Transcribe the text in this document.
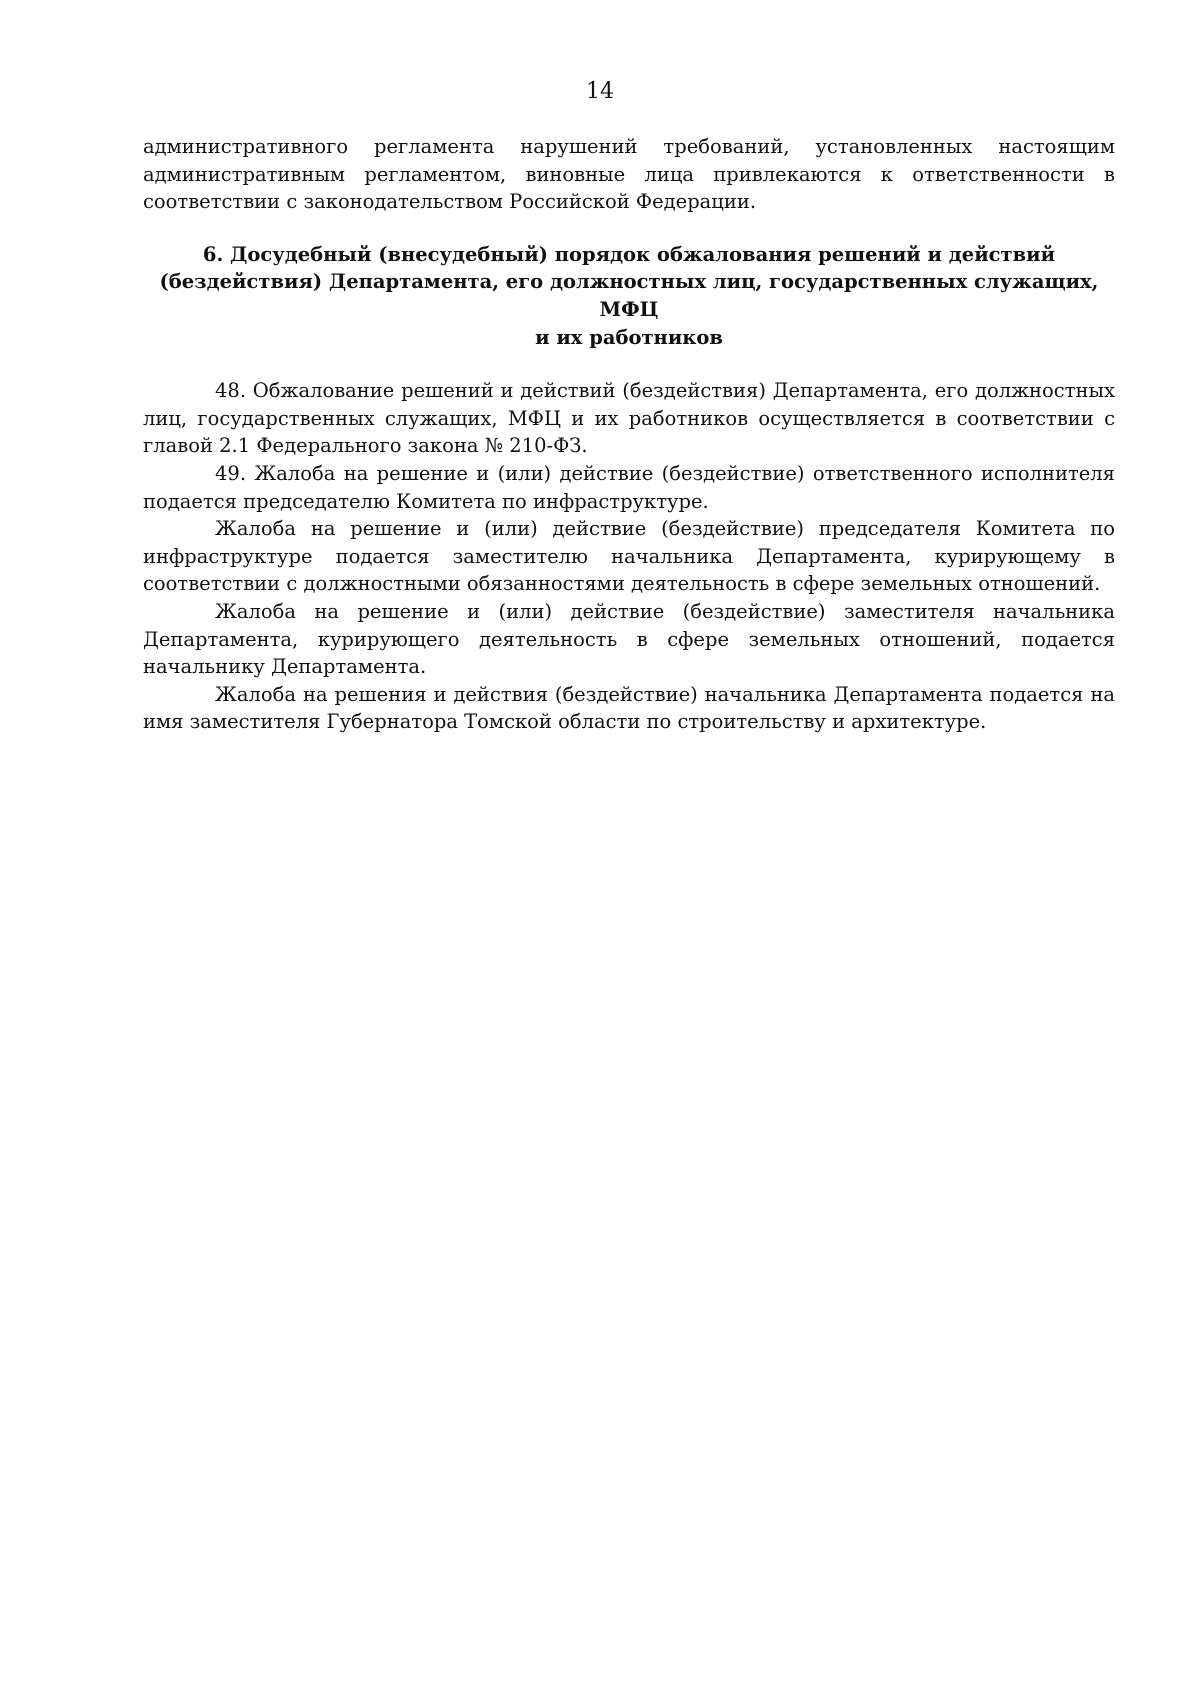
14

административного регламента нарушений требований, установленных настоящим административным регламентом, виновные лица привлекаются к ответственности в соответствии с законодательством Российской Федерации.

6. Досудебный (внесудебный) порядок обжалования решений и действий
(бездействия) Департамента, его должностных лиц, государственных служащих, МФЦ
и их работников

48. Обжалование решений и действий (бездействия) Департамента, его должностных лиц, государственных служащих, МФЦ и их работников осуществляется в соответствии с главой 2.1 Федерального закона № 210-ФЗ.

49. Жалоба на решение и (или) действие (бездействие) ответственного исполнителя подается председателю Комитета по инфраструктуре.

Жалоба на решение и (или) действие (бездействие) председателя Комитета по инфраструктуре подается заместителю начальника Департамента, курирующему в соответствии с должностными обязанностями деятельность в сфере земельных отношений.

Жалоба на решение и (или) действие (бездействие) заместителя начальника Департамента, курирующего деятельность в сфере земельных отношений, подается начальнику Департамента.

Жалоба на решения и действия (бездействие) начальника Департамента подается на имя заместителя Губернатора Томской области по строительству и архитектуре.
